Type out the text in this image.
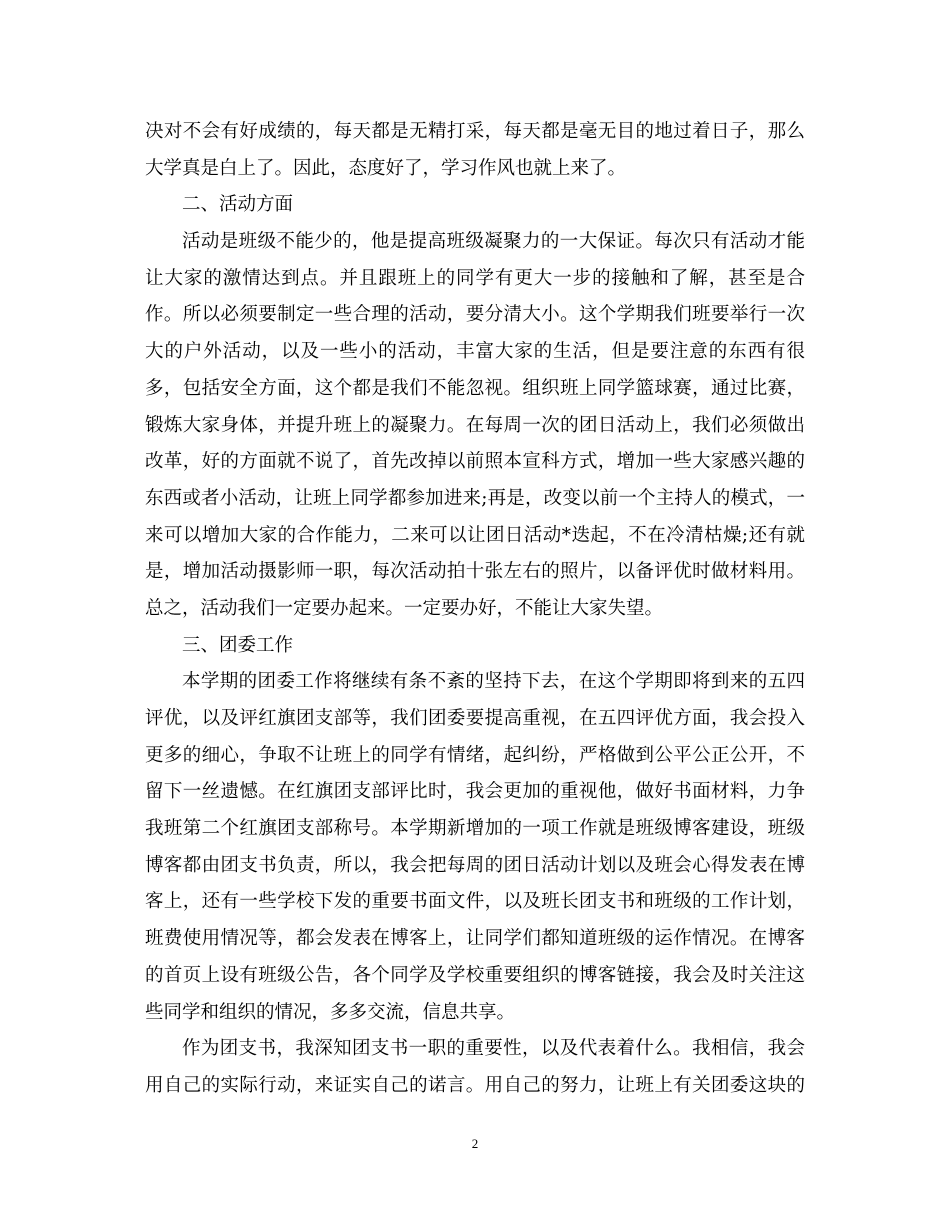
决对不会有好成绩的，每天都是无精打采，每天都是毫无目的地过着日子，那么
大学真是白上了。因此，态度好了，学习作风也就上来了。
二、活动方面
活动是班级不能少的，他是提高班级凝聚力的一大保证。每次只有活动才能
让大家的激情达到点。并且跟班上的同学有更大一步的接触和了解，甚至是合
作。所以必须要制定一些合理的活动，要分清大小。这个学期我们班要举行一次
大的户外活动，以及一些小的活动，丰富大家的生活，但是要注意的东西有很
多，包括安全方面，这个都是我们不能忽视。组织班上同学篮球赛，通过比赛，
锻炼大家身体，并提升班上的凝聚力。在每周一次的团日活动上，我们必须做出
改革，好的方面就不说了，首先改掉以前照本宣科方式，增加一些大家感兴趣的
东西或者小活动，让班上同学都参加进来;再是，改变以前一个主持人的模式，一
来可以增加大家的合作能力，二来可以让团日活动*迭起，不在冷清枯燥;还有就
是，增加活动摄影师一职，每次活动拍十张左右的照片，以备评优时做材料用。
总之，活动我们一定要办起来。一定要办好，不能让大家失望。
三、团委工作
本学期的团委工作将继续有条不紊的坚持下去，在这个学期即将到来的五四
评优，以及评红旗团支部等，我们团委要提高重视，在五四评优方面，我会投入
更多的细心，争取不让班上的同学有情绪，起纠纷，严格做到公平公正公开，不
留下一丝遗憾。在红旗团支部评比时，我会更加的重视他，做好书面材料，力争
我班第二个红旗团支部称号。本学期新增加的一项工作就是班级博客建设，班级
博客都由团支书负责，所以，我会把每周的团日活动计划以及班会心得发表在博
客上，还有一些学校下发的重要书面文件，以及班长团支书和班级的工作计划，
班费使用情况等，都会发表在博客上，让同学们都知道班级的运作情况。在博客
的首页上设有班级公告，各个同学及学校重要组织的博客链接，我会及时关注这
些同学和组织的情况，多多交流，信息共享。
作为团支书，我深知团支书一职的重要性，以及代表着什么。我相信，我会
用自己的实际行动，来证实自己的诺言。用自己的努力，让班上有关团委这块的
2
